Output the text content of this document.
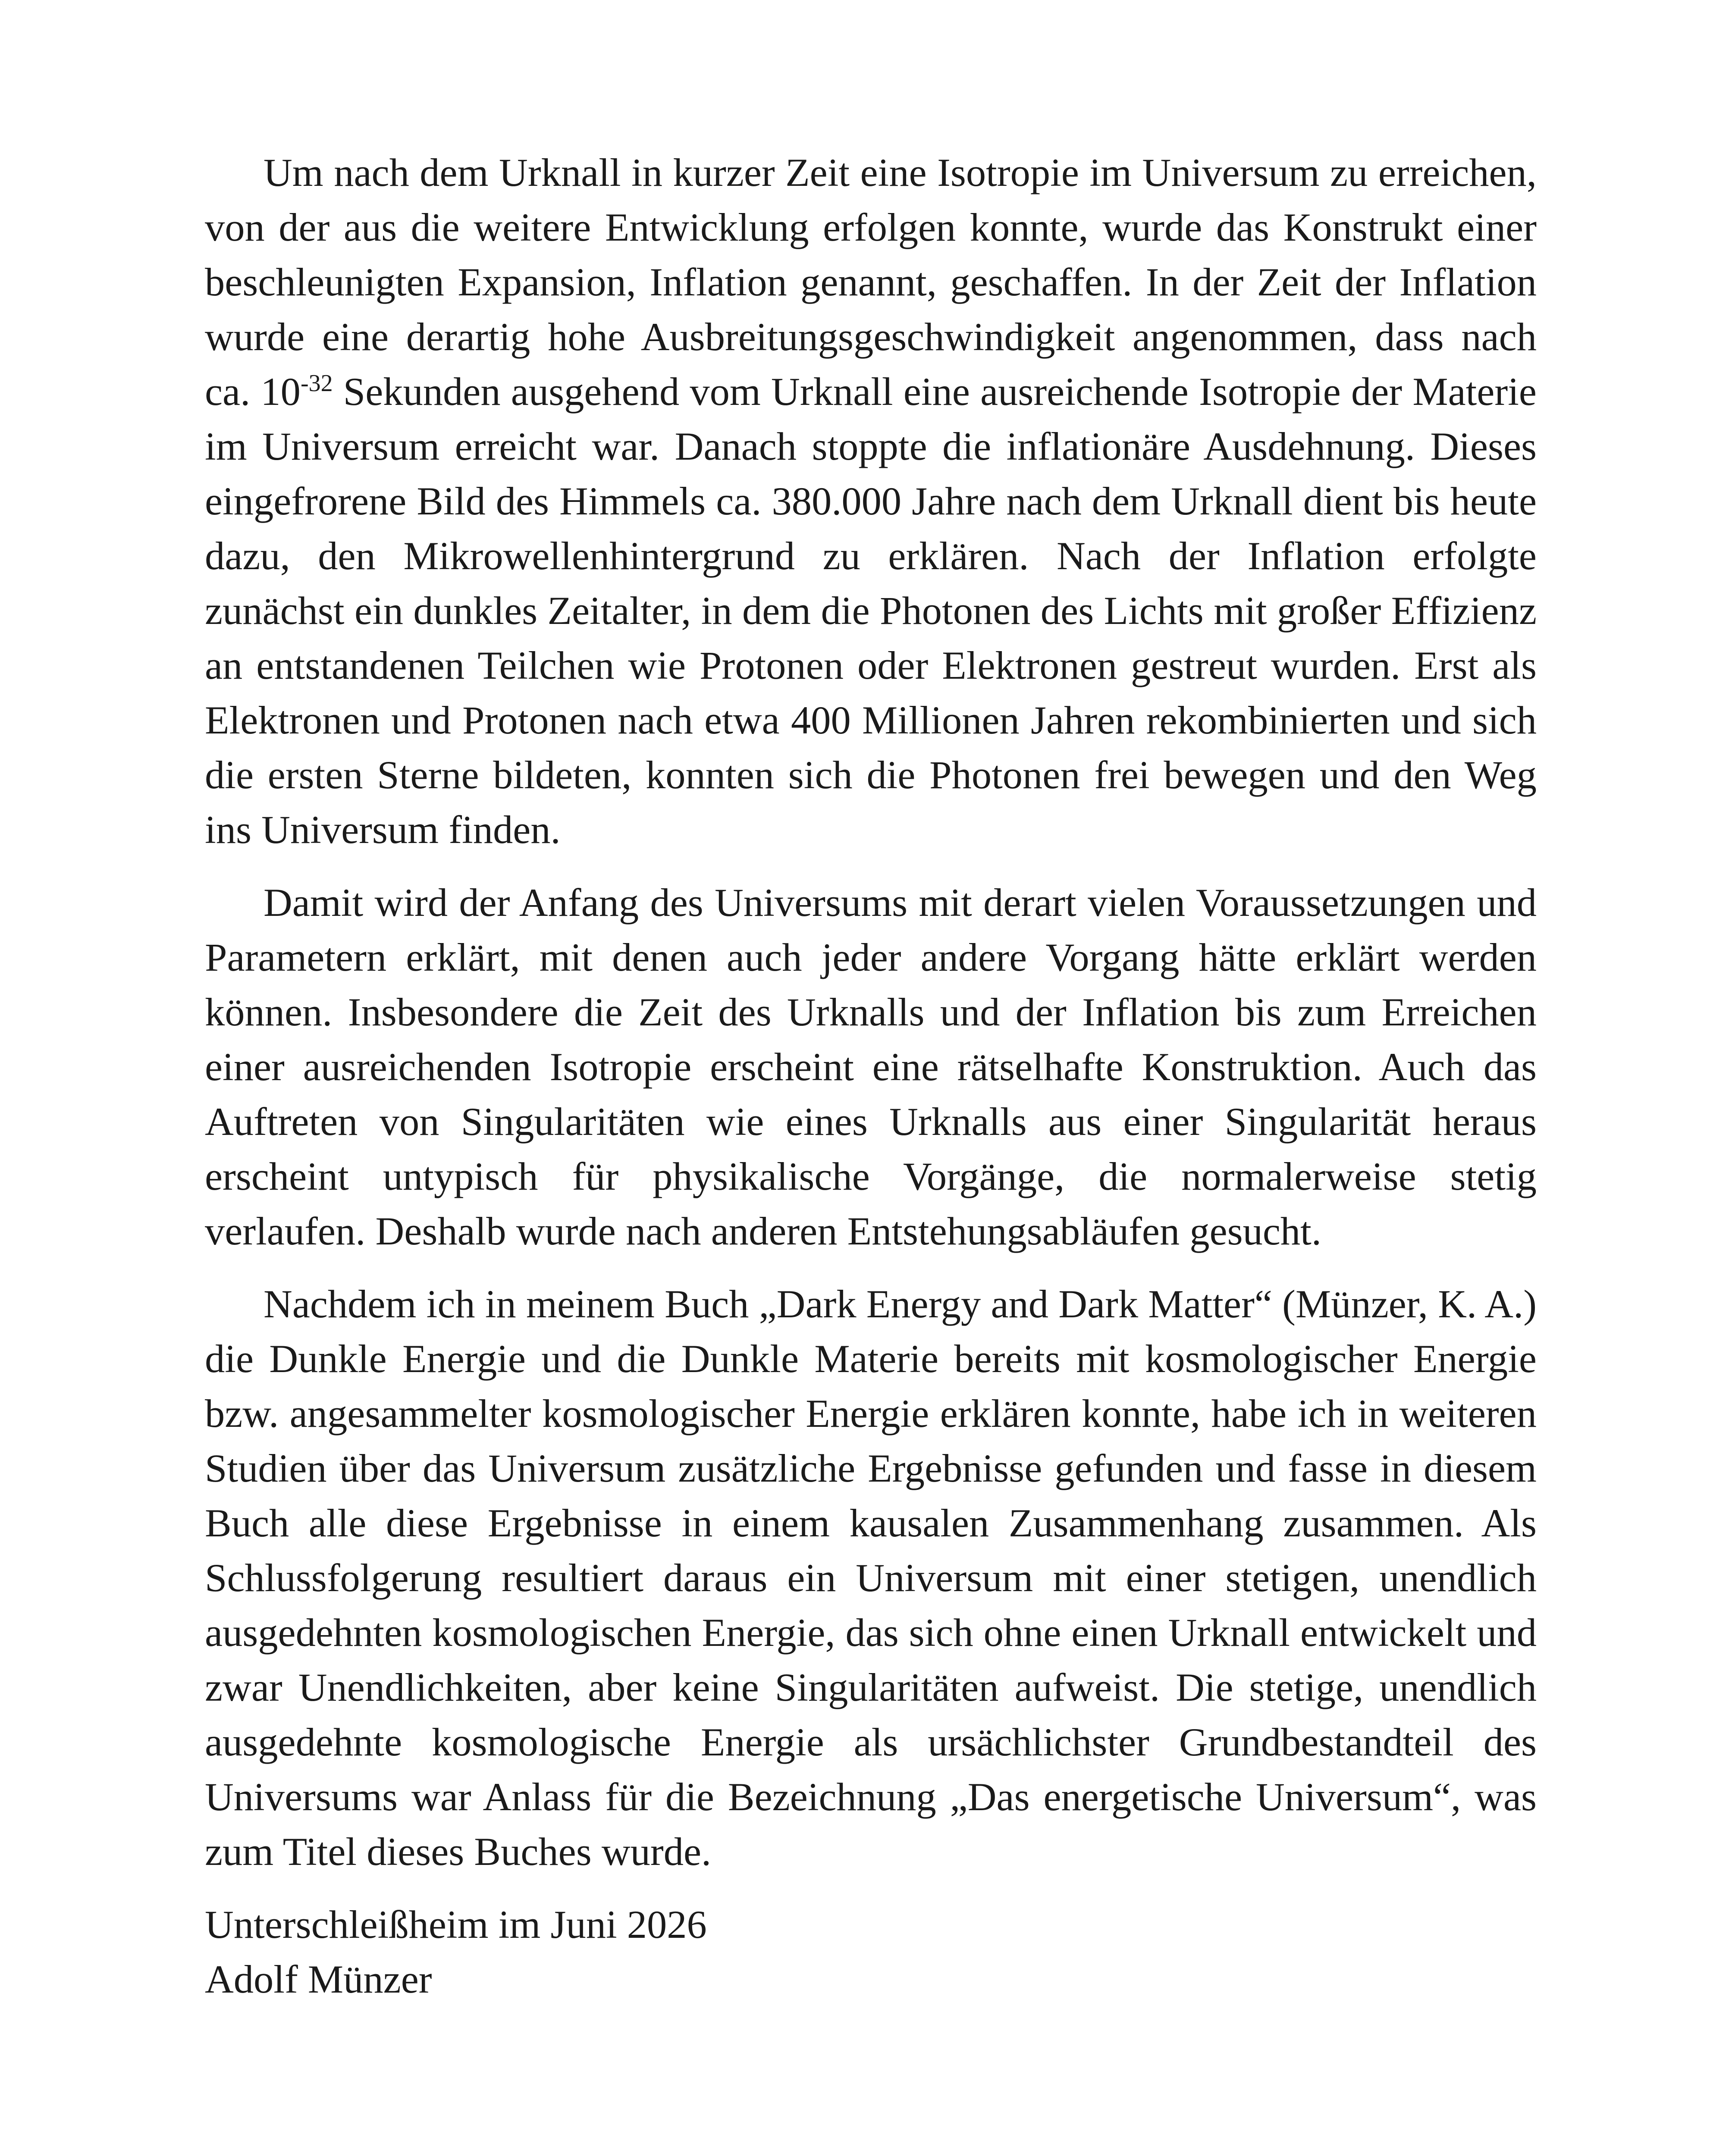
Um nach dem Urknall in kurzer Zeit eine Isotropie im Universum zu erreichen, von der aus die weitere Entwicklung erfolgen konnte, wurde das Konstrukt einer beschleunigten Expansion, Inflation genannt, geschaffen. In der Zeit der Inflation wurde eine derartig hohe Ausbreitungsgeschwindigkeit angenommen, dass nach ca. $10^{-32}$ Sekunden ausgehend vom Urknall eine ausreichende Isotropie der Materie im Universum erreicht war. Danach stoppte die inflationäre Ausdehnung. Dieses eingefrorene Bild des Himmels ca. 380.000 Jahre nach dem Urknall dient bis heute dazu, den Mikrowellenhintergrund zu erklären. Nach der Inflation erfolgte zunächst ein dunkles Zeitalter, in dem die Photonen des Lichts mit großer Effizienz an entstandenen Teilchen wie Protonen oder Elektronen gestreut wurden. Erst als Elektronen und Protonen nach etwa 400 Millionen Jahren rekombinierten und sich die ersten Sterne bildeten, konnten sich die Photonen frei bewegen und den Weg ins Universum finden.

Damit wird der Anfang des Universums mit derart vielen Voraussetzungen und Parametern erklärt, mit denen auch jeder andere Vorgang hätte erklärt werden können. Insbesondere die Zeit des Urknalls und der Inflation bis zum Erreichen einer ausreichenden Isotropie erscheint eine rätselhafte Konstruktion. Auch das Auftreten von Singularitäten wie eines Urknalls aus einer Singularität heraus erscheint untypisch für physikalische Vorgänge, die normalerweise stetig verlaufen. Deshalb wurde nach anderen Entstehungsabläufen gesucht.

Nachdem ich in meinem Buch „Dark Energy and Dark Matter“ (Münzer, K. A.) die Dunkle Energie und die Dunkle Materie bereits mit kosmologischer Energie bzw. angesammelter kosmologischer Energie erklären konnte, habe ich in weiteren Studien über das Universum zusätzliche Ergebnisse gefunden und fasse in diesem Buch alle diese Ergebnisse in einem kausalen Zusammenhang zusammen. Als Schlussfolgerung resultiert daraus ein Universum mit einer stetigen, unendlich ausgedehnten kosmologischen Energie, das sich ohne einen Urknall entwickelt und zwar Unendlichkeiten, aber keine Singularitäten aufweist. Die stetige, unendlich ausgedehnte kosmologische Energie als ursächlichster Grundbestandteil des Universums war Anlass für die Bezeichnung „Das energetische Universum“, was zum Titel dieses Buches wurde.

Unterschleißheim im Juni 2026
Adolf Münzer
